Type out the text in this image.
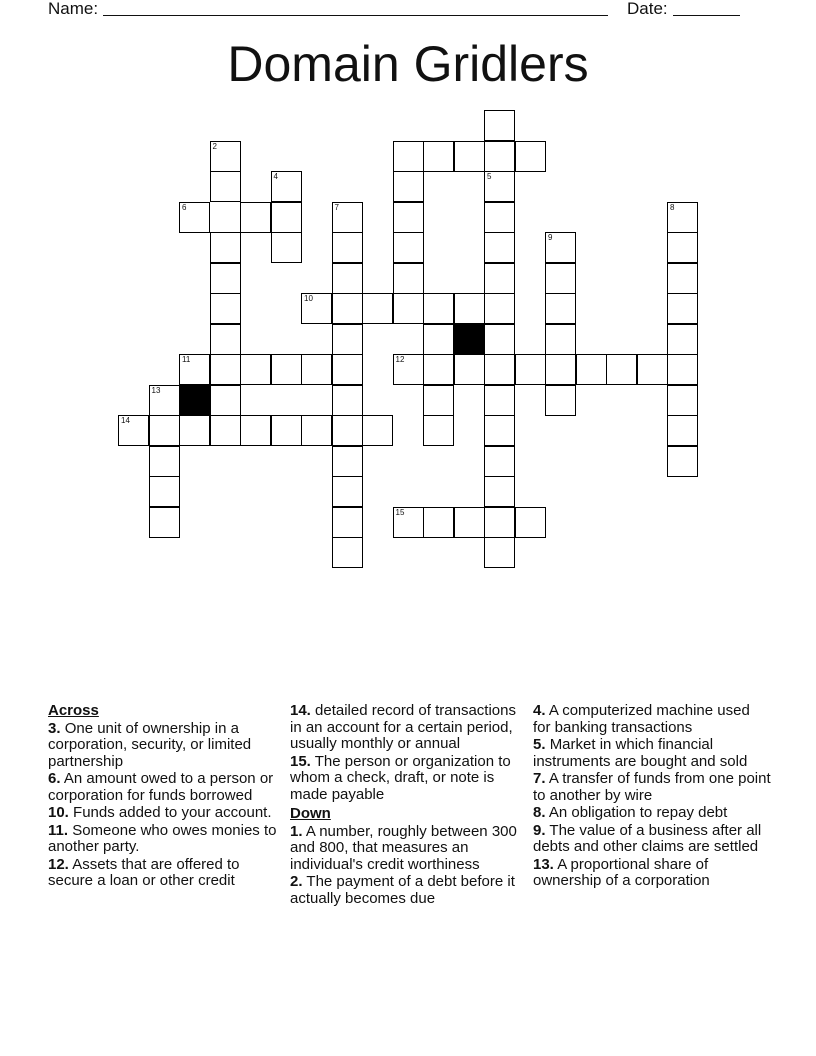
Name:	Date:
Domain Gridlers
2
4	5
6	7	8
9
10
11	12
13
14
15
Across
3. One unit of ownership in a corporation, security, or limited partnership
6. An amount owed to a person or corporation for funds borrowed
10. Funds added to your account.
11. Someone who owes monies to another party.
12. Assets that are offered to secure a loan or other credit
14. detailed record of transactions in an account for a certain period, usually monthly or annual
15. The person or organization to whom a check, draft, or note is made payable
Down
1. A number, roughly between 300 and 800, that measures an individual's credit worthiness
2. The payment of a debt before it actually becomes due
4. A computerized machine used for banking transactions
5. Market in which financial instruments are bought and sold
7. A transfer of funds from one point to another by wire
8. An obligation to repay debt
9. The value of a business after all debts and other claims are settled
13. A proportional share of ownership of a corporation
